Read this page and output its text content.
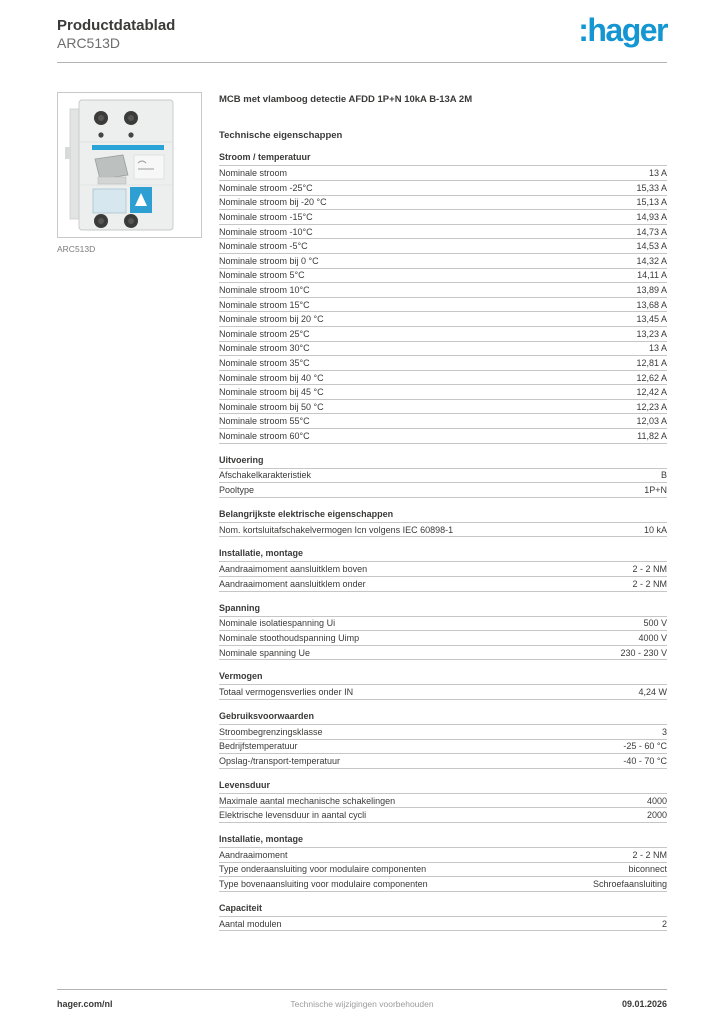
Productdatablad
ARC513D	:hager
ARC513D
MCB met vlamboog detectie AFDD 1P+N 10kA B-13A 2M
Technische eigenschappen
Stroom / temperatuur
Nominale stroom	13 A
Nominale stroom -25°C	15,33 A
Nominale stroom bij -20 °C	15,13 A
Nominale stroom -15°C	14,93 A
Nominale stroom -10°C	14,73 A
Nominale stroom -5°C	14,53 A
Nominale stroom bij 0 °C	14,32 A
Nominale stroom 5°C	14,11 A
Nominale stroom 10°C	13,89 A
Nominale stroom 15°C	13,68 A
Nominale stroom bij 20 °C	13,45 A
Nominale stroom 25°C	13,23 A
Nominale stroom 30°C	13 A
Nominale stroom 35°C	12,81 A
Nominale stroom bij 40 °C	12,62 A
Nominale stroom bij 45 °C	12,42 A
Nominale stroom bij 50 °C	12,23 A
Nominale stroom 55°C	12,03 A
Nominale stroom 60°C	11,82 A
Uitvoering
Afschakelkarakteristiek	B
Pooltype	1P+N
Belangrijkste elektrische eigenschappen
Nom. kortsluitafschakelvermogen Icn volgens IEC 60898-1	10 kA
Installatie, montage
Aandraaimoment aansluitklem boven	2 - 2 NM
Aandraaimoment aansluitklem onder	2 - 2 NM
Spanning
Nominale isolatiespanning Ui	500 V
Nominale stoothoudspanning Uimp	4000 V
Nominale spanning Ue	230 - 230 V
Vermogen
Totaal vermogensverlies onder IN	4,24 W
Gebruiksvoorwaarden
Stroombegrenzingsklasse	3
Bedrijfstemperatuur	-25 - 60 °C
Opslag-/transport-temperatuur	-40 - 70 °C
Levensduur
Maximale aantal mechanische schakelingen	4000
Elektrische levensduur in aantal cycli	2000
Installatie, montage
Aandraaimoment	2 - 2 NM
Type onderaansluiting voor modulaire componenten	biconnect
Type bovenaansluiting voor modulaire componenten	Schroefaansluiting
Capaciteit
Aantal modulen	2
hager.com/nl	Technische wijzigingen voorbehouden	09.01.2026
